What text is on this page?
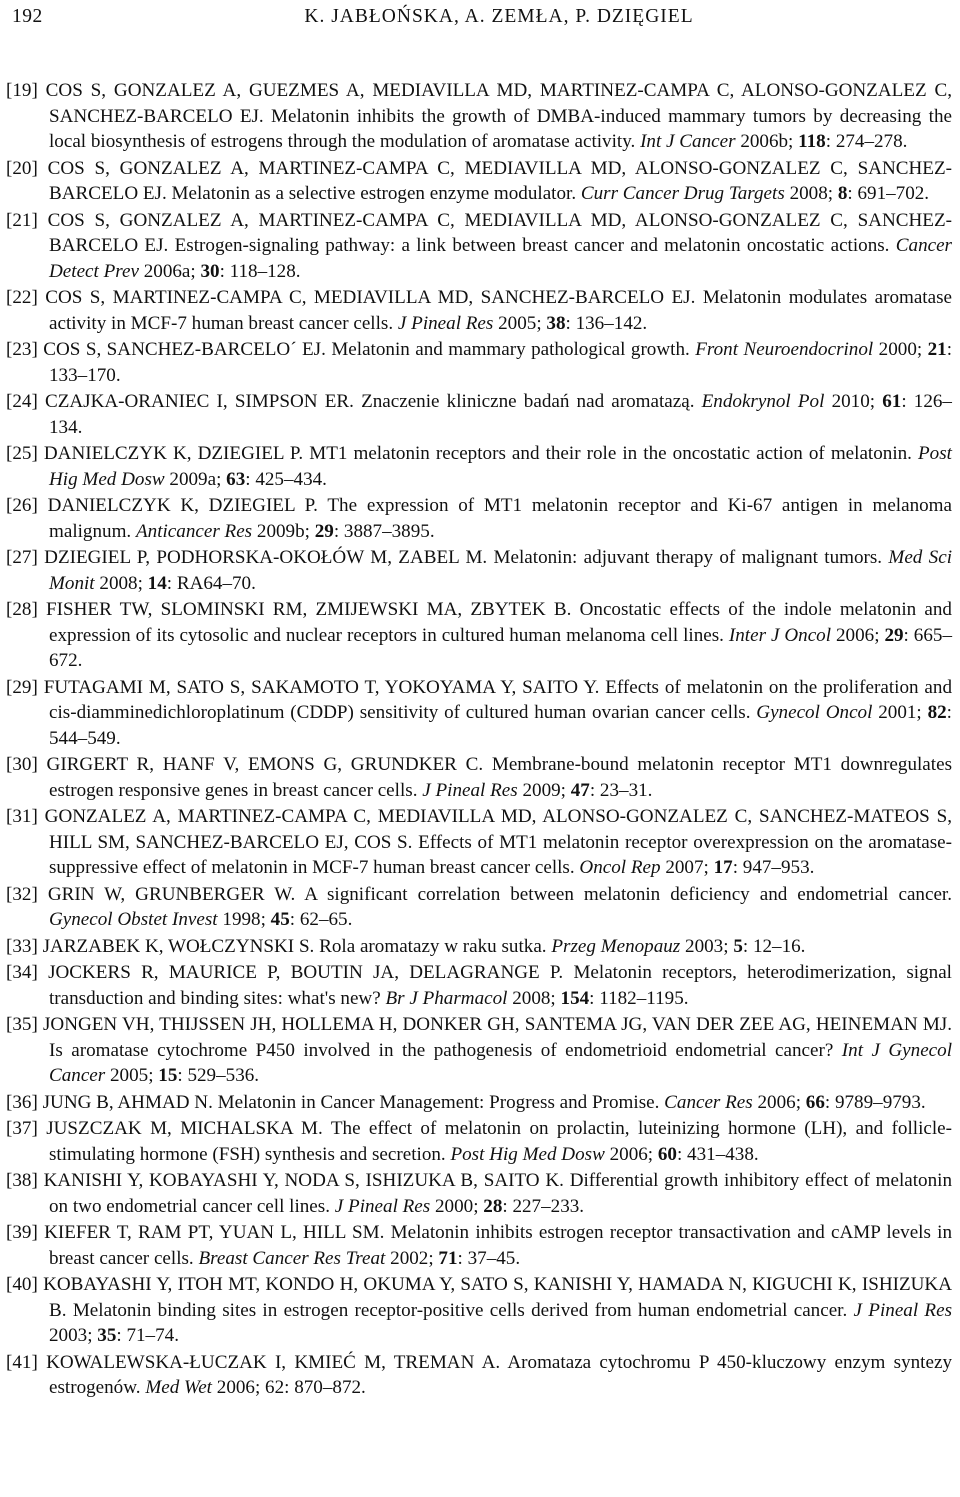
192	K. JABŁOŃSKA, A. ZEMŁA, P. DZIĘGIEL

[19] COS S, GONZALEZ A, GUEZMES A, MEDIAVILLA MD, MARTINEZ-CAMPA C, ALONSO-GONZALEZ C, SANCHEZ-BARCELO EJ. Melatonin inhibits the growth of DMBA-induced mammary tumors by decreasing the local biosynthesis of estrogens through the modulation of aromatase activity. Int J Cancer 2006b; 118: 274–278.

[20] COS S, GONZALEZ A, MARTINEZ-CAMPA C, MEDIAVILLA MD, ALONSO-GONZALEZ C, SANCHEZ-BARCELO EJ. Melatonin as a selective estrogen enzyme modulator. Curr Cancer Drug Targets 2008; 8: 691–702.

[21] COS S, GONZALEZ A, MARTINEZ-CAMPA C, MEDIAVILLA MD, ALONSO-GONZALEZ C, SANCHEZ-BARCELO EJ. Estrogen-signaling pathway: a link between breast cancer and melatonin oncostatic actions. Cancer Detect Prev 2006a; 30: 118–128.

[22] COS S, MARTINEZ-CAMPA C, MEDIAVILLA MD, SANCHEZ-BARCELO EJ. Melatonin modulates aromatase activity in MCF-7 human breast cancer cells. J Pineal Res 2005; 38: 136–142.

[23] COS S, SANCHEZ-BARCELO´ EJ. Melatonin and mammary pathological growth. Front Neuroendocrinol 2000; 21: 133–170.

[24] CZAJKA-ORANIEC I, SIMPSON ER. Znaczenie kliniczne badań nad aromatazą. Endokrynol Pol 2010; 61: 126–134.

[25] DANIELCZYK K, DZIEGIEL P. MT1 melatonin receptors and their role in the oncostatic action of melatonin. Post Hig Med Dosw 2009a; 63: 425–434.

[26] DANIELCZYK K, DZIEGIEL P. The expression of MT1 melatonin receptor and Ki-67 antigen in melanoma malignum. Anticancer Res 2009b; 29: 3887–3895.

[27] DZIEGIEL P, PODHORSKA-OKOŁÓW M, ZABEL M. Melatonin: adjuvant therapy of malignant tumors. Med Sci Monit 2008; 14: RA64–70.

[28] FISHER TW, SLOMINSKI RM, ZMIJEWSKI MA, ZBYTEK B. Oncostatic effects of the indole melatonin and expression of its cytosolic and nuclear receptors in cultured human melanoma cell lines. Inter J Oncol 2006; 29: 665–672.

[29] FUTAGAMI M, SATO S, SAKAMOTO T, YOKOYAMA Y, SAITO Y. Effects of melatonin on the proliferation and cis-diamminedichloroplatinum (CDDP) sensitivity of cultured human ovarian cancer cells. Gynecol Oncol 2001; 82: 544–549.

[30] GIRGERT R, HANF V, EMONS G, GRUNDKER C. Membrane-bound melatonin receptor MT1 downregulates estrogen responsive genes in breast cancer cells. J Pineal Res 2009; 47: 23–31.

[31] GONZALEZ A, MARTINEZ-CAMPA C, MEDIAVILLA MD, ALONSO-GONZALEZ C, SANCHEZ-MATEOS S, HILL SM, SANCHEZ-BARCELO EJ, COS S. Effects of MT1 melatonin receptor overexpression on the aromatase-suppressive effect of melatonin in MCF-7 human breast cancer cells. Oncol Rep 2007; 17: 947–953.

[32] GRIN W, GRUNBERGER W. A significant correlation between melatonin deficiency and endometrial cancer. Gynecol Obstet Invest 1998; 45: 62–65.

[33] JARZABEK K, WOŁCZYNSKI S. Rola aromatazy w raku sutka. Przeg Menopauz 2003; 5: 12–16.

[34] JOCKERS R, MAURICE P, BOUTIN JA, DELAGRANGE P. Melatonin receptors, heterodimerization, signal transduction and binding sites: what's new? Br J Pharmacol 2008; 154: 1182–1195.

[35] JONGEN VH, THIJSSEN JH, HOLLEMA H, DONKER GH, SANTEMA JG, VAN DER ZEE AG, HEINEMAN MJ. Is aromatase cytochrome P450 involved in the pathogenesis of endometrioid endometrial cancer? Int J Gynecol Cancer 2005; 15: 529–536.

[36] JUNG B, AHMAD N. Melatonin in Cancer Management: Progress and Promise. Cancer Res 2006; 66: 9789–9793.

[37] JUSZCZAK M, MICHALSKA M. The effect of melatonin on prolactin, luteinizing hormone (LH), and follicle-stimulating hormone (FSH) synthesis and secretion. Post Hig Med Dosw 2006; 60: 431–438.

[38] KANISHI Y, KOBAYASHI Y, NODA S, ISHIZUKA B, SAITO K. Differential growth inhibitory effect of melatonin on two endometrial cancer cell lines. J Pineal Res 2000; 28: 227–233.

[39] KIEFER T, RAM PT, YUAN L, HILL SM. Melatonin inhibits estrogen receptor transactivation and cAMP levels in breast cancer cells. Breast Cancer Res Treat 2002; 71: 37–45.

[40] KOBAYASHI Y, ITOH MT, KONDO H, OKUMA Y, SATO S, KANISHI Y, HAMADA N, KIGUCHI K, ISHIZUKA B. Melatonin binding sites in estrogen receptor-positive cells derived from human endometrial cancer. J Pineal Res 2003; 35: 71–74.

[41] KOWALEWSKA-ŁUCZAK I, KMIEĆ M, TREMAN A. Aromataza cytochromu P 450-kluczowy enzym syntezy estrogenów. Med Wet 2006; 62: 870–872.
